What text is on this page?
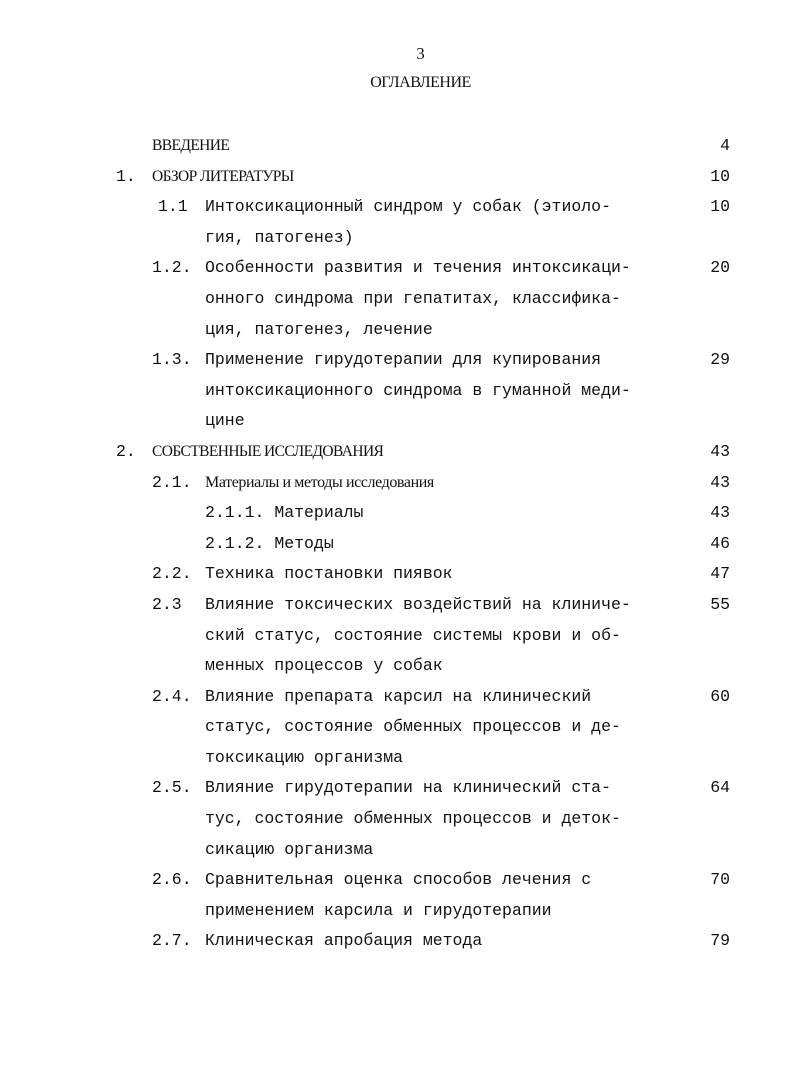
3
ОГЛАВЛЕНИЕ
ВВЕДЕНИЕ	4
1. ОБЗОР ЛИТЕРАТУРЫ	10
1.1 Интоксикационный синдром у собак (этиоло-	10
гия, патогенез)
1.2. Особенности развития и течения интоксикаци-	20
онного синдрома при гепатитах, классифика-
ция, патогенез, лечение
1.3. Применение гирудотерапии для купирования	29
интоксикационного синдрома в гуманной меди-
цине
2. СОБСТВЕННЫЕ ИССЛЕДОВАНИЯ	43
2.1. Материалы и методы исследования	43
2.1.1. Материалы	43
2.1.2. Методы	46
2.2. Техника постановки пиявок	47
2.3 Влияние токсических воздействий на клиниче-	55
ский статус, состояние системы крови и об-
менных процессов у собак
2.4. Влияние препарата карсил на клинический	60
статус, состояние обменных процессов и де-
токсикацию организма
2.5. Влияние гирудотерапии на клинический ста-	64
тус, состояние обменных процессов и деток-
сикацию организма
2.6. Сравнительная оценка способов лечения с	70
применением карсила и гирудотерапии
2.7. Клиническая апробация метода	79
